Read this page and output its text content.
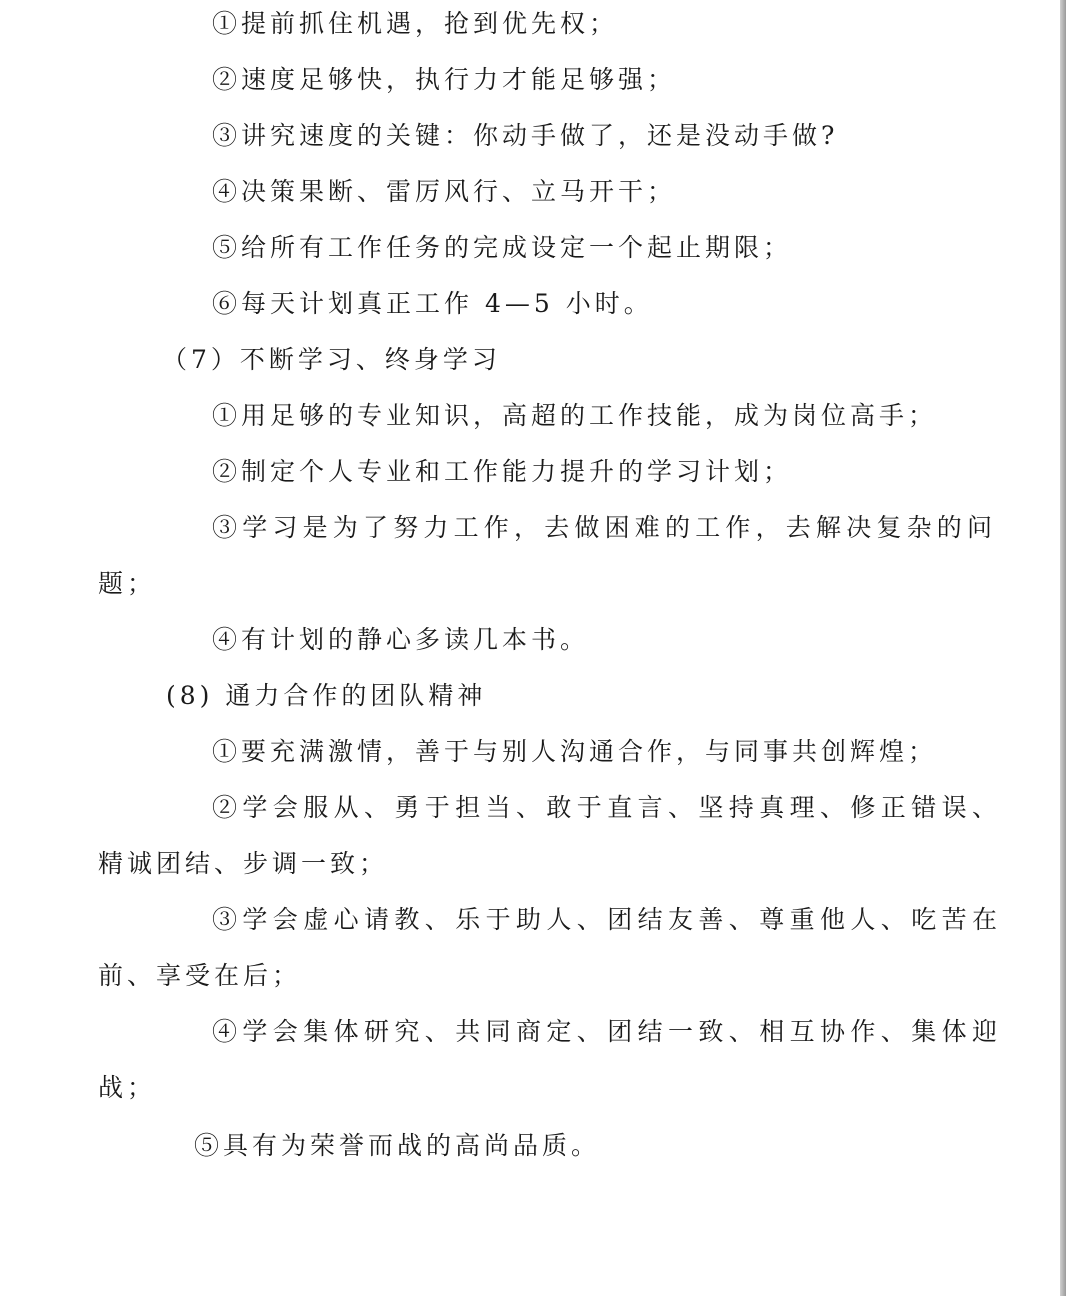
①提前抓住机遇，抢到优先权；
②速度足够快，执行力才能足够强；
③讲究速度的关键：你动手做了，还是没动手做?
④决策果断、雷厉风行、立马开干；
⑤给所有工作任务的完成设定一个起止期限；
⑥每天计划真正工作 4—5 小时。
（7）不断学习、终身学习
①用足够的专业知识，高超的工作技能，成为岗位高手；
②制定个人专业和工作能力提升的学习计划；
③学习是为了努力工作，去做困难的工作，去解决复杂的问
题；
④有计划的静心多读几本书。
(8) 通力合作的团队精神
①要充满激情，善于与别人沟通合作，与同事共创辉煌；
②学会服从、勇于担当、敢于直言、坚持真理、修正错误、
精诚团结、步调一致；
③学会虚心请教、乐于助人、团结友善、尊重他人、吃苦在
前、享受在后；
④学会集体研究、共同商定、团结一致、相互协作、集体迎
战；
⑤具有为荣誉而战的高尚品质。
